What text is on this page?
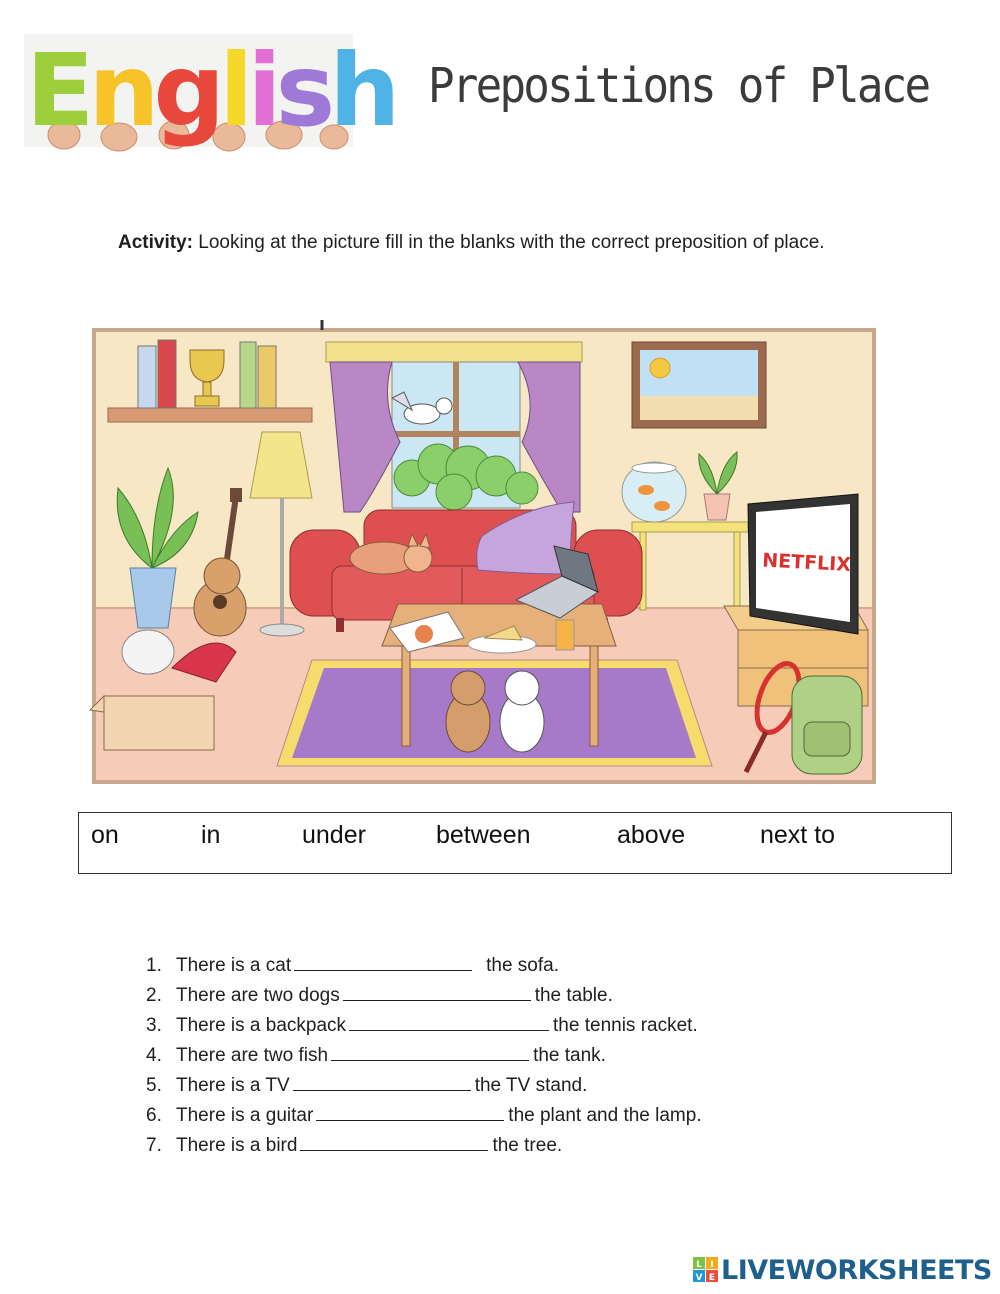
English Prepositions of Place
Activity: Looking at the picture fill in the blanks with the correct preposition of place.
NETFLIX
on	in	under	between	above	next to
1. There is a cat	the sofa.
2. There are two dogs	the table.
3. There is a backpack	the tennis racket.
4. There are two fish	the tank.
5. There is a TV	the TV stand.
6. There is a guitar	the plant and the lamp.
7. There is a bird	the tree.
L I
V E LIVEWORKSHEETS
